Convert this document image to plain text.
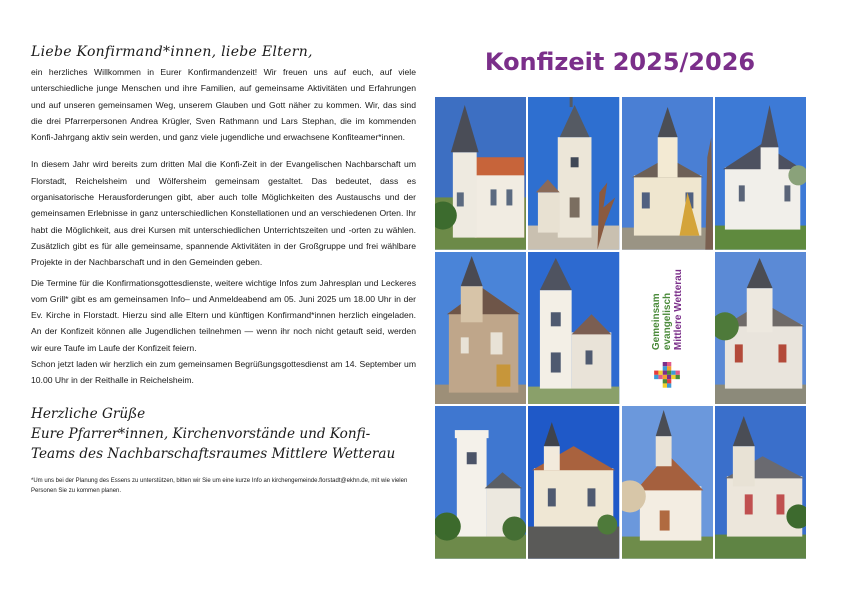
Liebe Konfirmand*innen, liebe Eltern,

ein herzliches Willkommen in Eurer Konfirmandenzeit! Wir freuen uns auf euch, auf viele unterschiedliche junge Menschen und ihre Familien, auf gemeinsame Aktivitäten und Erfahrungen und auf unseren gemeinsamen Weg, unserem Glauben und Gott näher zu kommen. Wir, das sind die drei Pfarrerpersonen Andrea Krügler, Sven Rathmann und Lars Stephan, die im kommenden Konfi-Jahrgang aktiv sein werden, und ganz viele jugendliche und erwachsene Konfiteamer*innen.

In diesem Jahr wird bereits zum dritten Mal die Konfi-Zeit in der Evangelischen Nachbarschaft um Florstadt, Reichelsheim und Wölfersheim gemeinsam gestaltet. Das bedeutet, dass es organisatorische Herausforderungen gibt, aber auch tolle Möglichkeiten des Austauschs und der gemeinsamen Erlebnisse in ganz unterschiedlichen Konstellationen und an verschiedenen Orten. Ihr habt die Möglichkeit, aus drei Kursen mit unterschiedlichen Unterrichtszeiten und -orten zu wählen. Zusätzlich gibt es für alle gemeinsame, spannende Aktivitäten in der Großgruppe und frei wählbare Projekte in der Nachbarschaft und in den Gemeinden geben.

Die Termine für die Konfirmationsgottesdienste, weitere wichtige Infos zum Jahresplan und Leckeres vom Grill* gibt es am gemeinsamen Info– und Anmeldeabend am 05. Juni 2025 um 18.00 Uhr in der Ev. Kirche in Florstadt. Hierzu sind alle Eltern und künftigen Konfirmand*innen herzlich eingeladen. An der Konfizeit können alle Jugendlichen teilnehmen — wenn ihr noch nicht getauft seid, werden wir eure Taufe im Laufe der Konfizeit feiern.

Schon jetzt laden wir herzlich ein zum gemeinsamen Begrüßungsgottesdienst am 14. September um 10.00 Uhr in der Reithalle in Reichelsheim.

Herzliche Grüße
Eure Pfarrer*innen, Kirchenvorstände und Konfi-
Teams des Nachbarschaftsraumes Mittlere Wetterau
*Um uns bei der Planung des Essens zu unterstützen, bitten wir Sie um eine kurze Info an kirchengemeinde.florstadt@ekhn.de, mit wie vielen Personen Sie zu kommen planen.
Konfizeit 2025/2026
Gemeinsam evangelisch Mittlere Wetterau
